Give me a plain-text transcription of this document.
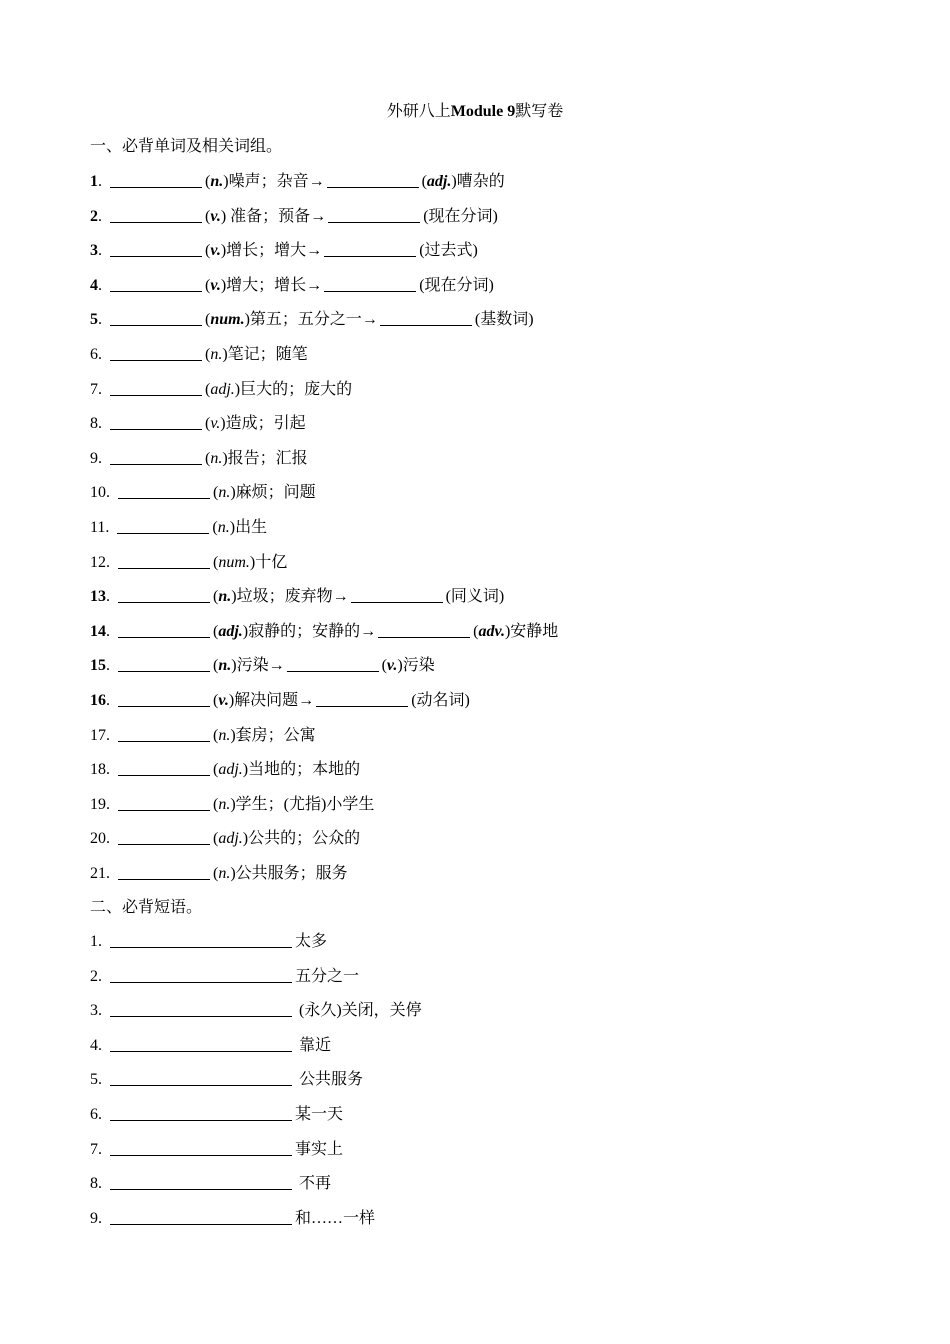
外研八上Module 9默写卷
一、必背单词及相关词组。
1.	(n.)噪声；杂音→	(adj.)嘈杂的
2.	(v.) 准备；预备→	(现在分词)
3.	(v.)增长；增大→	(过去式)
4.	(v.)增大；增长→	(现在分词)
5.	(num.)第五；五分之一→	(基数词)
6.	(n.)笔记；随笔
7.	(adj.)巨大的；庞大的
8.	(v.)造成；引起
9.	(n.)报告；汇报
10.	(n.)麻烦；问题
11.	(n.)出生
12.	(num.)十亿
13.	(n.)垃圾；废弃物→	(同义词)
14.	(adj.)寂静的；安静的→	(adv.)安静地
15.	(n.)污染→	(v.)污染
16.	(v.)解决问题→	(动名词)
17.	(n.)套房；公寓
18.	(adj.)当地的；本地的
19.	(n.)学生；(尤指)小学生
20.	(adj.)公共的；公众的
21.	(n.)公共服务；服务
二、必背短语。
1.	太多
2.	五分之一
3.	(永久)关闭，关停
4.	靠近
5.	公共服务
6.	某一天
7.	事实上
8.	不再
9.	和……一样
